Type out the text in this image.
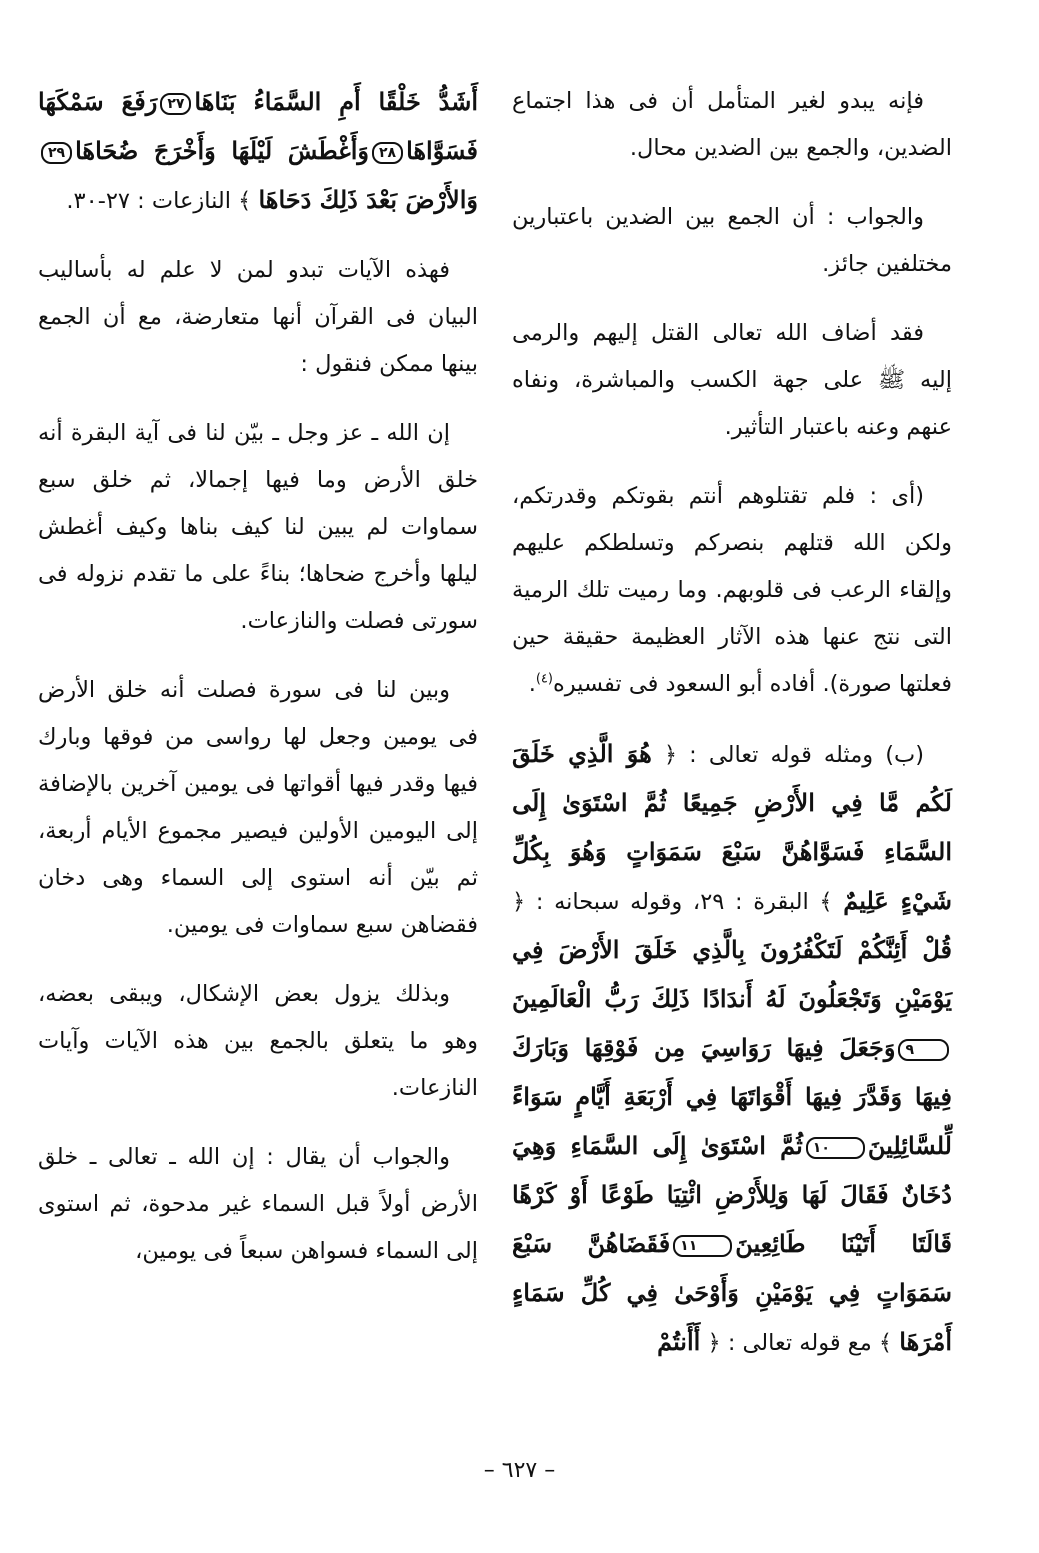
فإنه يبدو لغير المتأمل أن فى هذا اجتماع الضدين، والجمع بين الضدين محال.

والجواب : أن الجمع بين الضدين باعتبارين مختلفين جائز.

فقد أضاف الله تعالى القتل إليهم والرمى إليه ﷺ على جهة الكسب والمباشرة، ونفاه عنهم وعنه باعتبار التأثير.

(أى : فلم تقتلوهم أنتم بقوتكم وقدرتكم، ولكن الله قتلهم بنصركم وتسلطكم عليهم وإلقاء الرعب فى قلوبهم. وما رميت تلك الرمية التى نتج عنها هذه الآثار العظيمة حقيقة حين فعلتها صورة). أفاده أبو السعود فى تفسيره$^{(٤)}$.

(ب) ومثله قوله تعالى : ﴿ هُوَ الَّذِي خَلَقَ لَكُم مَّا فِي الأَرْضِ جَمِيعًا ثُمَّ اسْتَوَىٰ إِلَى السَّمَاءِ فَسَوَّاهُنَّ سَبْعَ سَمَوَاتٍ وَهُوَ بِكُلِّ شَيْءٍ عَلِيمٌ ﴾ البقرة : ٢٩، وقوله سبحانه : ﴿ قُلْ أَئِنَّكُمْ لَتَكْفُرُونَ بِالَّذِي خَلَقَ الأَرْضَ فِي يَوْمَيْنِ وَتَجْعَلُونَ لَهُ أَندَادًا ذَلِكَ رَبُّ الْعَالَمِينَ٩وَجَعَلَ فِيهَا رَوَاسِيَ مِن فَوْقِهَا وَبَارَكَ فِيهَا وَقَدَّرَ فِيهَا أَقْوَاتَهَا فِي أَرْبَعَةِ أَيَّامٍ سَوَاءً لِّلسَّائِلِينَ١٠ثُمَّ اسْتَوَىٰ إِلَى السَّمَاءِ وَهِيَ دُخَانٌ فَقَالَ لَهَا وَلِلأَرْضِ ائْتِيَا طَوْعًا أَوْ كَرْهًا قَالَتَا أَتَيْنَا طَائِعِينَ١١فَقَضَاهُنَّ سَبْعَ سَمَوَاتٍ فِي يَوْمَيْنِ وَأَوْحَىٰ فِي كُلِّ سَمَاءٍ أَمْرَهَا ﴾ مع قوله تعالى : ﴿ أَأَنتُمْ

أَشَدُّ خَلْقًا أَمِ السَّمَاءُ بَنَاهَا٢٧رَفَعَ سَمْكَهَا فَسَوَّاهَا٢٨وَأَغْطَشَ لَيْلَهَا وَأَخْرَجَ ضُحَاهَا٢٩وَالأَرْضَ بَعْدَ ذَلِكَ دَحَاهَا ﴾ النازعات : ٢٧-٣٠.

فهذه الآيات تبدو لمن لا علم له بأساليب البيان فى القرآن أنها متعارضة، مع أن الجمع بينها ممكن فنقول :

إن الله ـ عز وجل ـ بيّن لنا فى آية البقرة أنه خلق الأرض وما فيها إجمالا، ثم خلق سبع سماوات لم يبين لنا كيف بناها وكيف أغطش ليلها وأخرج ضحاها؛ بناءً على ما تقدم نزوله فى سورتى فصلت والنازعات.

وبين لنا فى سورة فصلت أنه خلق الأرض فى يومين وجعل لها رواسى من فوقها وبارك فيها وقدر فيها أقواتها فى يومين آخرين بالإضافة إلى اليومين الأولين فيصير مجموع الأيام أربعة، ثم بيّن أنه استوى إلى السماء وهى دخان فقضاهن سبع سماوات فى يومين.

وبذلك يزول بعض الإشكال، ويبقى بعضه، وهو ما يتعلق بالجمع بين هذه الآيات وآيات النازعات.

والجواب أن يقال : إن الله ـ تعالى ـ خلق الأرض أولاً قبل السماء غير مدحوة، ثم استوى إلى السماء فسواهن سبعاً فى يومين،

– ٦٢٧ –
